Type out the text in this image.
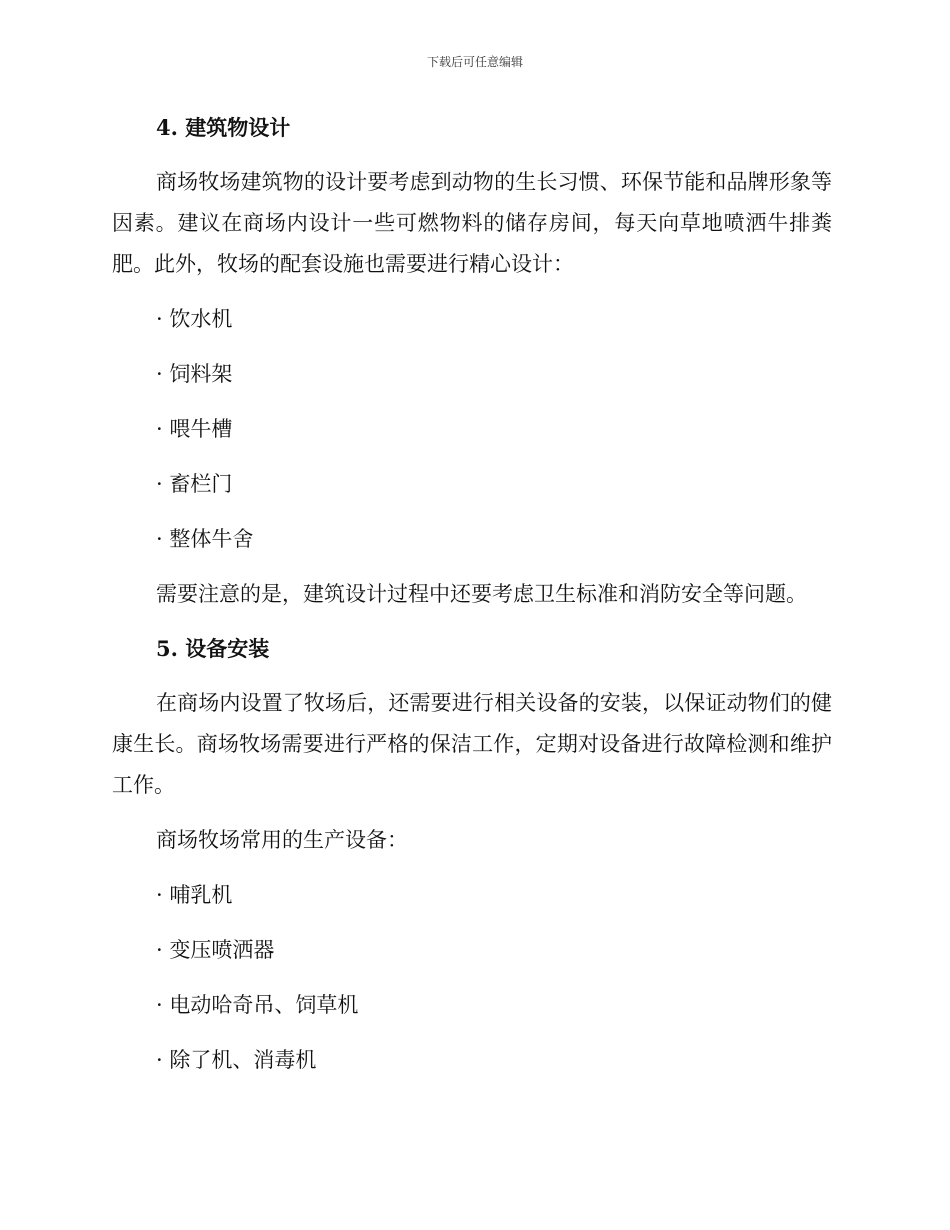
下载后可任意编辑

4. 建筑物设计

商场牧场建筑物的设计要考虑到动物的生长习惯、环保节能和品牌形象等因素。建议在商场内设计一些可燃物料的储存房间，每天向草地喷洒牛排粪肥。此外，牧场的配套设施也需要进行精心设计：

· 饮水机

· 饲料架

· 喂牛槽

· 畜栏门

· 整体牛舍

需要注意的是，建筑设计过程中还要考虑卫生标准和消防安全等问题。

5. 设备安装

在商场内设置了牧场后，还需要进行相关设备的安装，以保证动物们的健康生长。商场牧场需要进行严格的保洁工作，定期对设备进行故障检测和维护工作。

商场牧场常用的生产设备：

· 哺乳机

· 变压喷洒器

· 电动哈奇吊、饲草机

· 除了机、消毒机
